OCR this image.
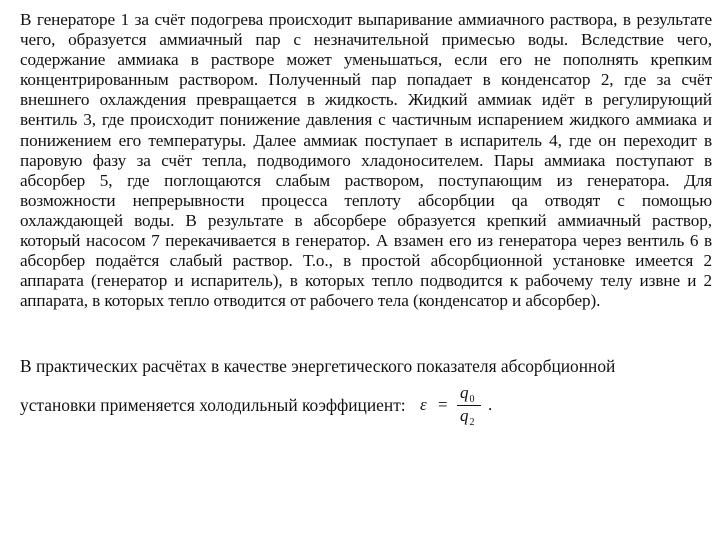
В генераторе 1 за счёт подогрева происходит выпаривание аммиачного раствора, в результате чего, образуется аммиачный пар с незначительной примесью воды. Вследствие чего, содержание аммиака в растворе может уменьшаться, если его не пополнять крепким концентрированным раствором. Полученный пар попадает в конденсатор 2, где за счёт внешнего охлаждения превращается в жидкость. Жидкий аммиак идёт в регулирующий вентиль 3, где происходит понижение давления с частичным испарением жидкого аммиака и понижением его температуры. Далее аммиак поступает в испаритель 4, где он переходит в паровую фазу за счёт тепла, подводимого хладоносителем. Пары аммиака поступают в абсорбер 5, где поглощаются слабым раствором, поступающим из генератора. Для возможности непрерывности процесса теплоту абсорбции qа отводят с помощью охлаждающей воды. В результате в абсорбере образуется крепкий аммиачный раствор, который насосом 7 перекачивается в генератор. А взамен его из генератора через вентиль 6 в абсорбер подаётся слабый раствор. Т.о., в простой абсорбционной установке имеется 2 аппарата (генератор и испаритель), в которых тепло подводится к рабочему телу извне и 2 аппарата, в которых тепло отводится от рабочего тела (конденсатор и абсорбер).

В практических расчётах в качестве энергетического показателя абсорбционной

установки применяется холодильный коэффициент: ε =
$q_0$
$q_2$
.
